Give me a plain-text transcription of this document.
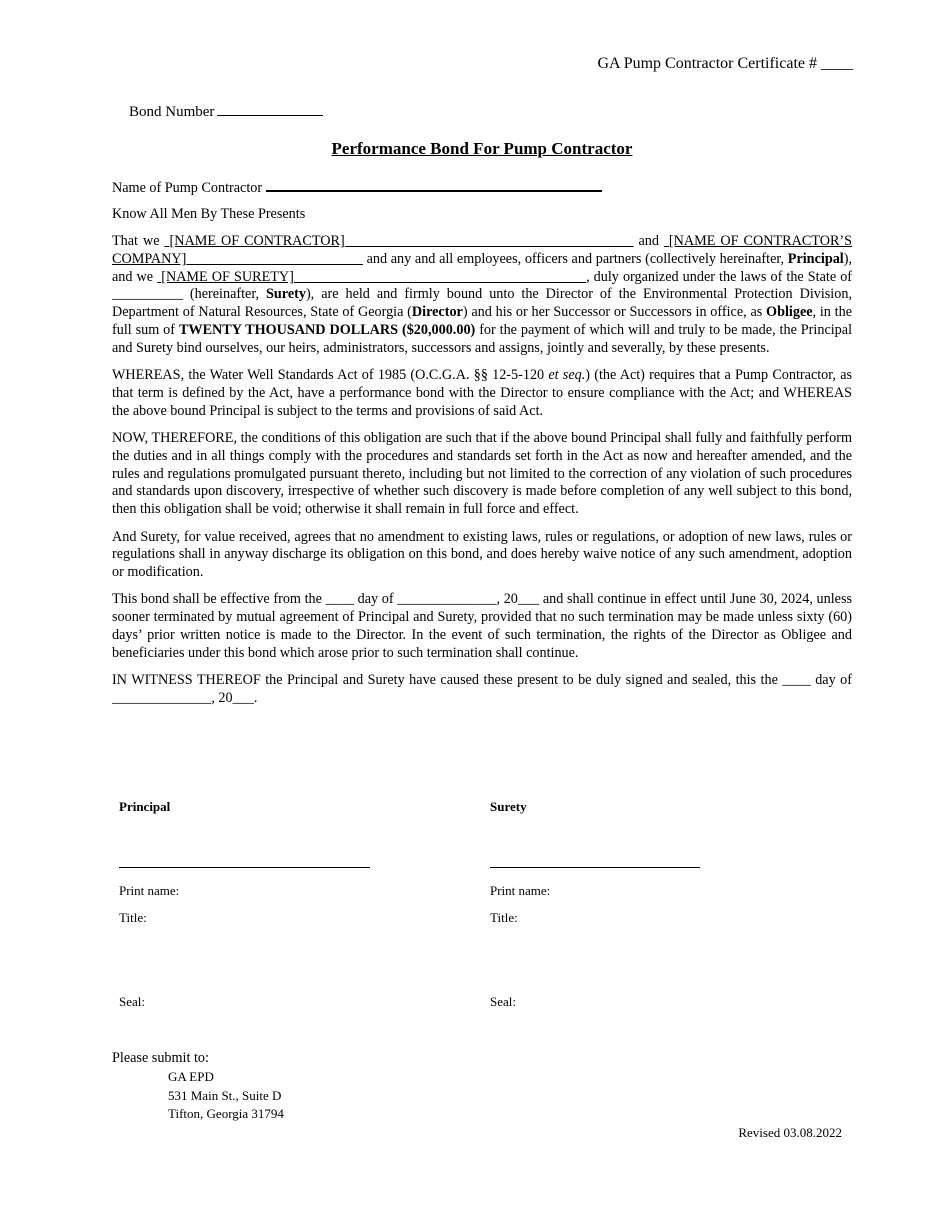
GA Pump Contractor Certificate # ____
Bond Number
Performance Bond For Pump Contractor

Name of Pump Contractor

Know All Men By These Presents

That we [NAME OF CONTRACTOR]	and [NAME OF CONTRACTOR’S COMPANY]	and any and all employees, officers and partners (collectively hereinafter, Principal), and we [NAME OF SURETY]	, duly organized under the laws of the State of __________ (hereinafter, Surety), are held and firmly bound unto the Director of the Environmental Protection Division, Department of Natural Resources, State of Georgia (Director) and his or her Successor or Successors in office, as Obligee, in the full sum of TWENTY THOUSAND DOLLARS ($20,000.00) for the payment of which will and truly to be made, the Principal and Surety bind ourselves, our heirs, administrators, successors and assigns, jointly and severally, by these presents.

WHEREAS, the Water Well Standards Act of 1985 (O.C.G.A. §§ 12-5-120 et seq.) (the Act) requires that a Pump Contractor, as that term is defined by the Act, have a performance bond with the Director to ensure compliance with the Act; and WHEREAS the above bound Principal is subject to the terms and provisions of said Act.

NOW, THEREFORE, the conditions of this obligation are such that if the above bound Principal shall fully and faithfully perform the duties and in all things comply with the procedures and standards set forth in the Act as now and hereafter amended, and the rules and regulations promulgated pursuant thereto, including but not limited to the correction of any violation of such procedures and standards upon discovery, irrespective of whether such discovery is made before completion of any well subject to this bond, then this obligation shall be void; otherwise it shall remain in full force and effect.

And Surety, for value received, agrees that no amendment to existing laws, rules or regulations, or adoption of new laws, rules or regulations shall in anyway discharge its obligation on this bond, and does hereby waive notice of any such amendment, adoption or modification.

This bond shall be effective from the ____ day of ______________, 20___ and shall continue in effect until June 30, 2024, unless sooner terminated by mutual agreement of Principal and Surety, provided that no such termination may be made unless sixty (60) days’ prior written notice is made to the Director. In the event of such termination, the rights of the Director as Obligee and beneficiaries under this bond which arose prior to such termination shall continue.

IN WITNESS THEREOF the Principal and Surety have caused these present to be duly signed and sealed, this the ____ day of ______________, 20___.

Principal
Print name:
Title:
Seal:
Surety
Print name:
Title:
Seal:
Please submit to:
GA EPD
531 Main St., Suite D
Tifton, Georgia 31794
Revised 03.08.2022
